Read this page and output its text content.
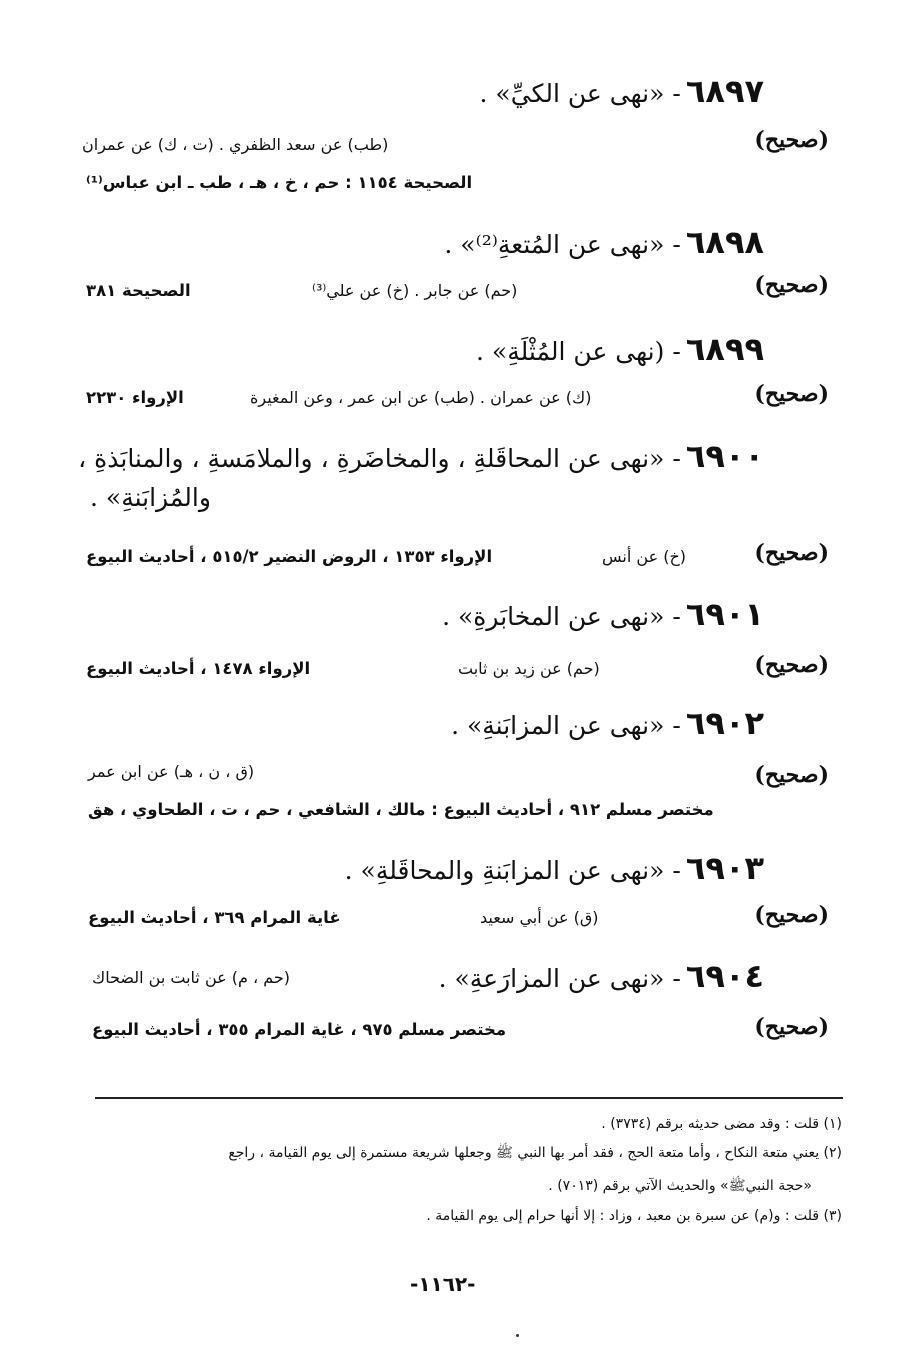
٦٨٩٧ - «نهى عن الكيِّ» .
( صحيح )
(طب) عن سعد الظفري . (ت ، ك) عن عمران
الصحيحة ١١٥٤ : حم ، خ ، هـ ، طب ـ ابن عباس⁽¹⁾
٦٨٩٨ - «نهى عن المُتعةِ⁽²⁾» .
( صحيح )
(حم) عن جابر . (خ) عن علي⁽³⁾
الصحيحة ٣٨١
٦٨٩٩ - (نهى عن المُثْلَةِ» .
( صحيح )
(ك) عن عمران . (طب) عن ابن عمر ، وعن المغيرة
الإرواء ٢٢٣٠
٦٩٠٠ - «نهى عن المحاقَلةِ ، والمخاضَرةِ ، والملامَسةِ ، والمنابَذةِ ،
والمُزابَنةِ» .
( صحيح )
(خ) عن أنس
الإرواء ١٣٥٣ ، الروض النضير ٥١٥/٢ ، أحاديث البيوع
٦٩٠١ - «نهى عن المخابَرةِ» .
( صحيح )
(حم) عن زيد بن ثابت
الإرواء ١٤٧٨ ، أحاديث البيوع
٦٩٠٢ - «نهى عن المزابَنةِ» .
( صحيح )
(ق ، ن ، هـ) عن ابن عمر
مختصر مسلم ٩١٢ ، أحاديث البيوع : مالك ، الشافعي ، حم ، ت ، الطحاوي ، هق
٦٩٠٣ - «نهى عن المزابَنةِ والمحاقَلةِ» .
( صحيح )
(ق) عن أبي سعيد
غاية المرام ٣٦٩ ، أحاديث البيوع
٦٩٠٤ - «نهى عن المزارَعةِ» .
(حم ، م) عن ثابت بن الضحاك
( صحيح )
مختصر مسلم ٩٧٥ ، غاية المرام ٣٥٥ ، أحاديث البيوع
(١) قلت : وقد مضى حديثه برقم (٣٧٣٤) .
(٢) يعني متعة النكاح ، وأما متعة الحج ، فقد أمر بها النبي ﷺ وجعلها شريعة مستمرة إلى يوم القيامة ، راجع
«حجة النبيﷺ» والحديث الآتي برقم (٧٠١٣) .
(٣) قلت : و(م) عن سبرة بن معبد ، وزاد : إلا أنها حرام إلى يوم القيامة .
-١١٦٢-
